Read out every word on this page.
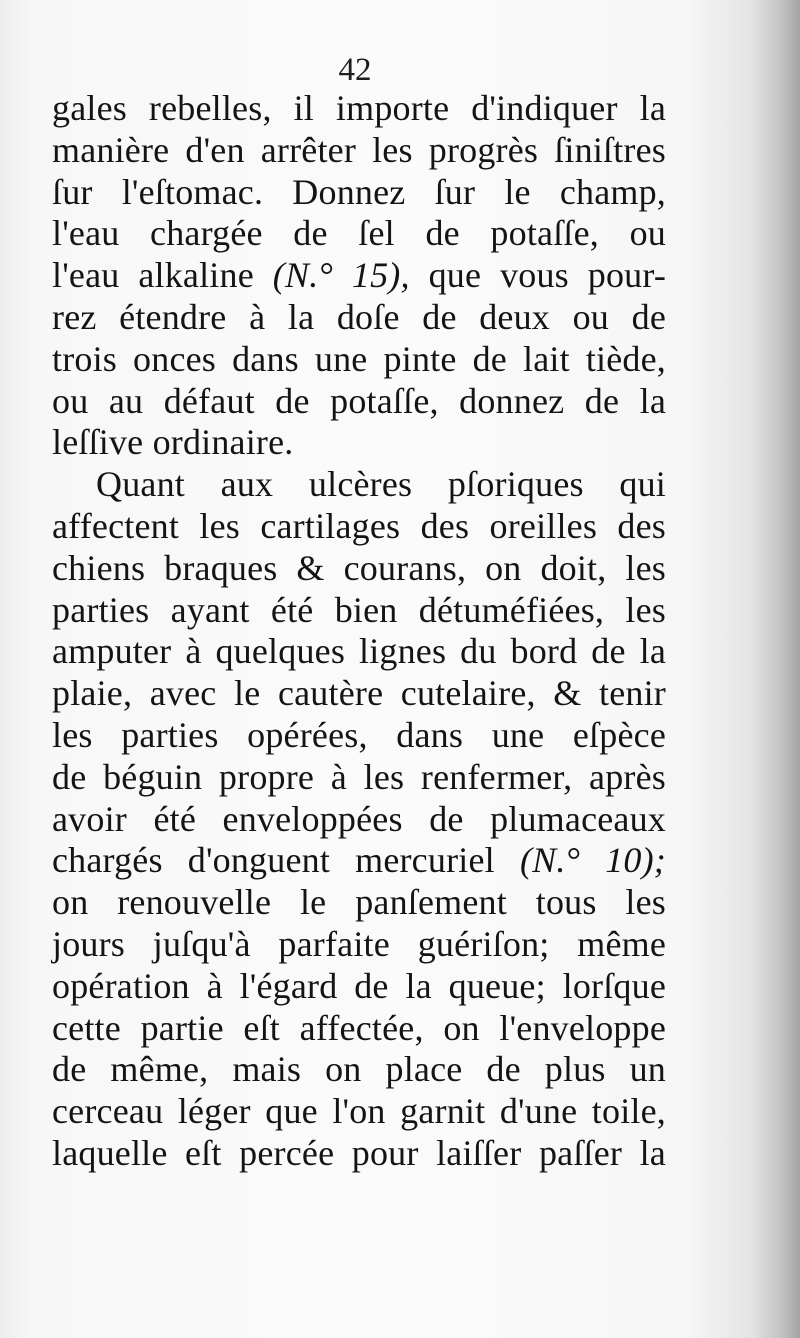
42
gales rebelles, il importe d'indiquer la
manière d'en arrêter les progrès ſiniſtres
ſur l'eſtomac. Donnez ſur le champ,
l'eau chargée de ſel de potaſſe, ou
l'eau alkaline (N.° 15), que vous pour-
rez étendre à la doſe de deux ou de
trois onces dans une pinte de lait tiède,
ou au défaut de potaſſe, donnez de la
leſſive ordinaire.
Quant aux ulcères pſoriques qui
affectent les cartilages des oreilles des
chiens braques & courans, on doit, les
parties ayant été bien détuméfiées, les
amputer à quelques lignes du bord de la
plaie, avec le cautère cutelaire, & tenir
les parties opérées, dans une eſpèce
de béguin propre à les renfermer, après
avoir été enveloppées de plumaceaux
chargés d'onguent mercuriel (N.° 10);
on renouvelle le panſement tous les
jours juſqu'à parfaite guériſon; même
opération à l'égard de la queue; lorſque
cette partie eſt affectée, on l'enveloppe
de même, mais on place de plus un
cerceau léger que l'on garnit d'une toile,
laquelle eſt percée pour laiſſer paſſer la
